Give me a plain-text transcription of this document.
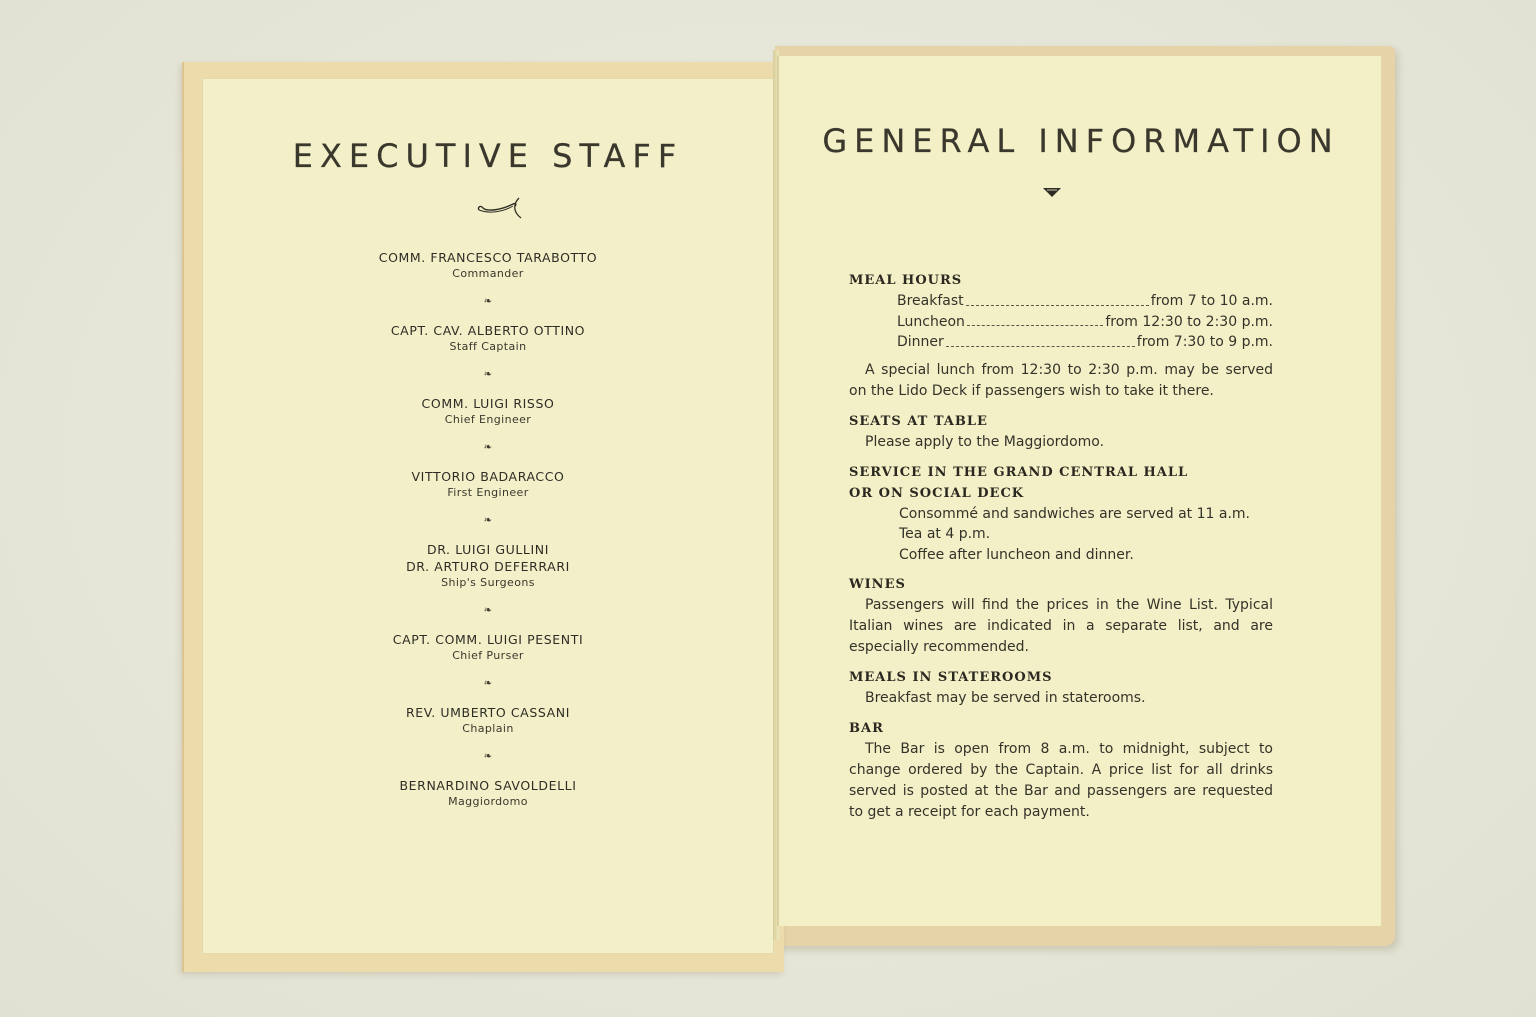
EXECUTIVE STAFF
COMM. FRANCESCO TARABOTTO
Commander
❧
CAPT. CAV. ALBERTO OTTINO
Staff Captain
❧
COMM. LUIGI RISSO
Chief Engineer
❧
VITTORIO BADARACCO
First Engineer
❧
DR. LUIGI GULLINI
DR. ARTURO DEFERRARI
Ship's Surgeons
❧
CAPT. COMM. LUIGI PESENTI
Chief Purser
❧
REV. UMBERTO CASSANI
Chaplain
❧
BERNARDINO SAVOLDELLI
Maggiordomo
GENERAL INFORMATION

MEAL HOURS

Breakfast	from 7 to 10 a.m.
Luncheon	from 12:30 to 2:30 p.m.
Dinner	from 7:30 to 9 p.m.

A special lunch from 12:30 to 2:30 p.m. may be served on the Lido Deck if passengers wish to take it there.

SEATS AT TABLE

Please apply to the Maggiordomo.

SERVICE IN THE GRAND CENTRAL HALL

OR ON SOCIAL DECK

Consommé and sandwiches are served at 11 a.m.
Tea at 4 p.m.
Coffee after luncheon and dinner.

WINES

Passengers will find the prices in the Wine List. Typical Italian wines are indicated in a separate list, and are especially recommended.

MEALS IN STATEROOMS

Breakfast may be served in staterooms.

BAR

The Bar is open from 8 a.m. to midnight, subject to change ordered by the Captain. A price list for all drinks served is posted at the Bar and passengers are requested to get a receipt for each payment.
